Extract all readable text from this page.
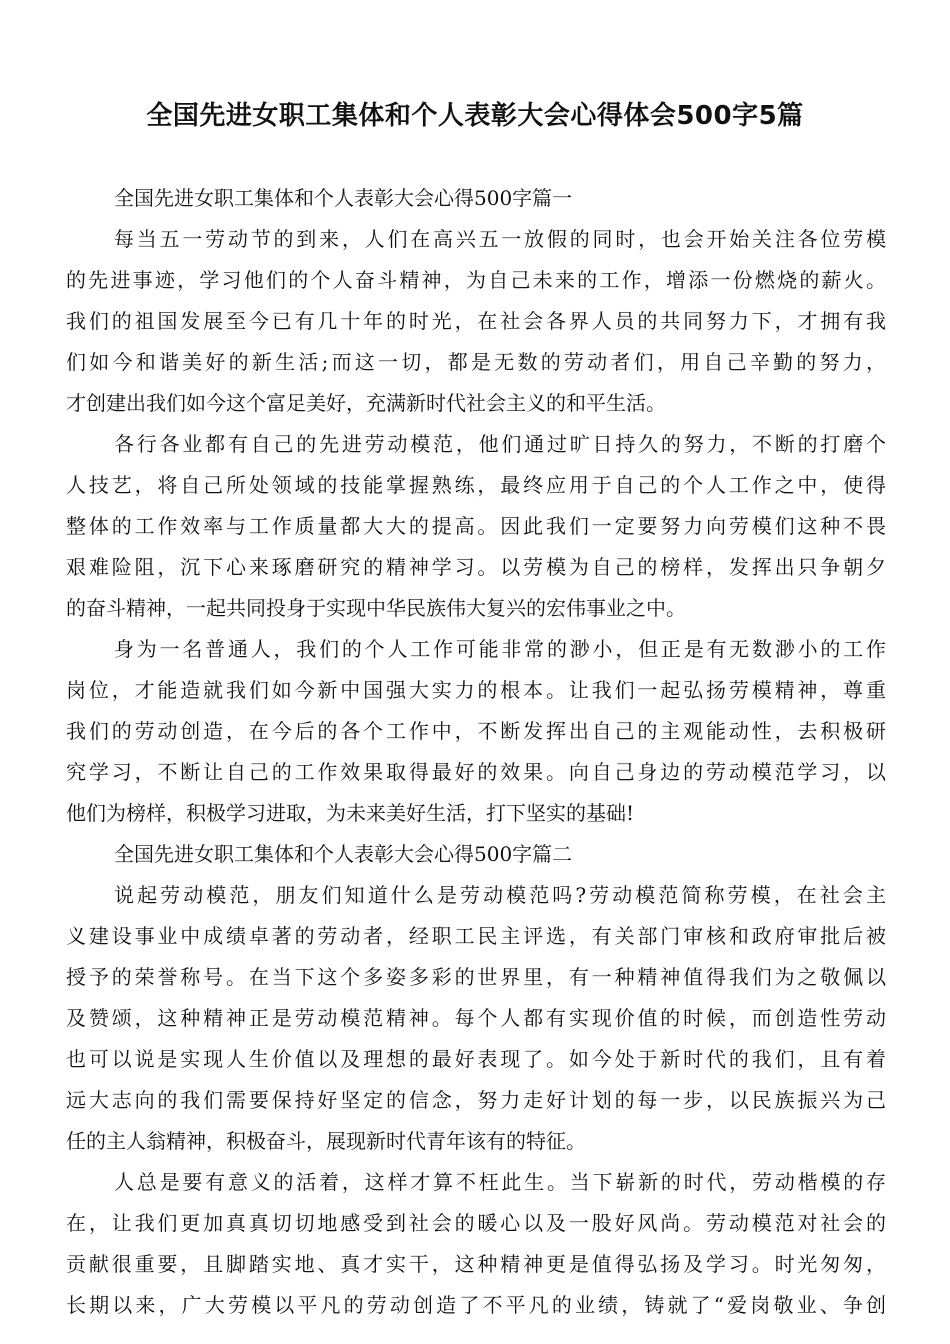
全国先进女职工集体和个人表彰大会心得体会500字5篇
全国先进女职工集体和个人表彰大会心得500字篇一
每当五一劳动节的到来，人们在高兴五一放假的同时，也会开始关注各位劳模
的先进事迹，学习他们的个人奋斗精神，为自己未来的工作，增添一份燃烧的薪火。
我们的祖国发展至今已有几十年的时光，在社会各界人员的共同努力下，才拥有我
们如今和谐美好的新生活;而这一切，都是无数的劳动者们，用自己辛勤的努力，
才创建出我们如今这个富足美好，充满新时代社会主义的和平生活。
各行各业都有自己的先进劳动模范，他们通过旷日持久的努力，不断的打磨个
人技艺，将自己所处领域的技能掌握熟练，最终应用于自己的个人工作之中，使得
整体的工作效率与工作质量都大大的提高。因此我们一定要努力向劳模们这种不畏
艰难险阻，沉下心来琢磨研究的精神学习。以劳模为自己的榜样，发挥出只争朝夕
的奋斗精神，一起共同投身于实现中华民族伟大复兴的宏伟事业之中。
身为一名普通人，我们的个人工作可能非常的渺小，但正是有无数渺小的工作
岗位，才能造就我们如今新中国强大实力的根本。让我们一起弘扬劳模精神，尊重
我们的劳动创造，在今后的各个工作中，不断发挥出自己的主观能动性，去积极研
究学习，不断让自己的工作效果取得最好的效果。向自己身边的劳动模范学习，以
他们为榜样，积极学习进取，为未来美好生活，打下坚实的基础!
全国先进女职工集体和个人表彰大会心得500字篇二
说起劳动模范，朋友们知道什么是劳动模范吗?劳动模范简称劳模，在社会主
义建设事业中成绩卓著的劳动者，经职工民主评选，有关部门审核和政府审批后被
授予的荣誉称号。在当下这个多姿多彩的世界里，有一种精神值得我们为之敬佩以
及赞颂，这种精神正是劳动模范精神。每个人都有实现价值的时候，而创造性劳动
也可以说是实现人生价值以及理想的最好表现了。如今处于新时代的我们，且有着
远大志向的我们需要保持好坚定的信念，努力走好计划的每一步，以民族振兴为己
任的主人翁精神，积极奋斗，展现新时代青年该有的特征。
人总是要有意义的活着，这样才算不枉此生。当下崭新的时代，劳动楷模的存
在，让我们更加真真切切地感受到社会的暖心以及一股好风尚。劳动模范对社会的
贡献很重要，且脚踏实地、真才实干，这种精神更是值得弘扬及学习。时光匆匆，
长期以来，广大劳模以平凡的劳动创造了不平凡的业绩，铸就了“爱岗敬业、争创
